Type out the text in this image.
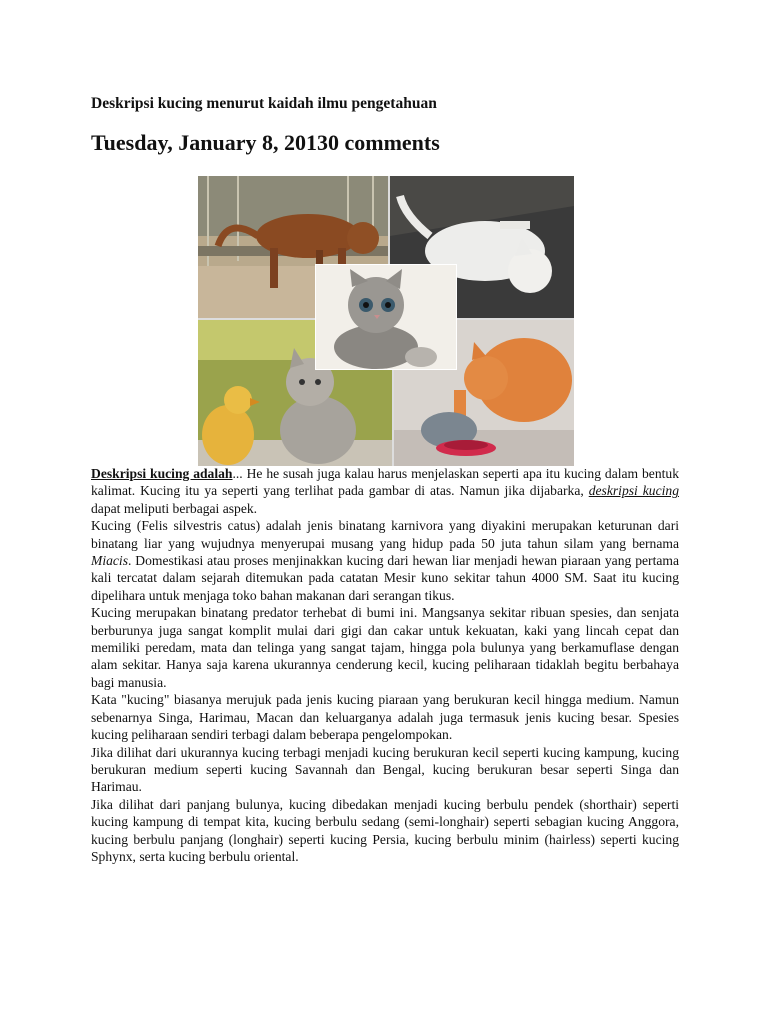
Deskripsi kucing menurut kaidah ilmu pengetahuan
Tuesday, January 8, 20130 comments

Deskripsi kucing adalah... He he susah juga kalau harus menjelaskan seperti apa itu kucing dalam bentuk kalimat. Kucing itu ya seperti yang terlihat pada gambar di atas. Namun jika dijabarka, deskripsi kucing dapat meliputi berbagai aspek.

Kucing (Felis silvestris catus) adalah jenis binatang karnivora yang diyakini merupakan keturunan dari binatang liar yang wujudnya menyerupai musang yang hidup pada 50 juta tahun silam yang bernama Miacis. Domestikasi atau proses menjinakkan kucing dari hewan liar menjadi hewan piaraan yang pertama kali tercatat dalam sejarah ditemukan pada catatan Mesir kuno sekitar tahun 4000 SM. Saat itu kucing dipelihara untuk menjaga toko bahan makanan dari serangan tikus.

Kucing merupakan binatang predator terhebat di bumi ini. Mangsanya sekitar ribuan spesies, dan senjata berburunya juga sangat komplit mulai dari gigi dan cakar untuk kekuatan, kaki yang lincah cepat dan memiliki peredam, mata dan telinga yang sangat tajam, hingga pola bulunya yang berkamuflase dengan alam sekitar. Hanya saja karena ukurannya cenderung kecil, kucing peliharaan tidaklah begitu berbahaya bagi manusia.

Kata "kucing" biasanya merujuk pada jenis kucing piaraan yang berukuran kecil hingga medium. Namun sebenarnya Singa, Harimau, Macan dan keluarganya adalah juga termasuk jenis kucing besar. Spesies kucing peliharaan sendiri terbagi dalam beberapa pengelompokan.

Jika dilihat dari ukurannya kucing terbagi menjadi kucing berukuran kecil seperti kucing kampung, kucing berukuran medium seperti kucing Savannah dan Bengal, kucing berukuran besar seperti Singa dan Harimau.

Jika dilihat dari panjang bulunya, kucing dibedakan menjadi kucing berbulu pendek (shorthair) seperti kucing kampung di tempat kita, kucing berbulu sedang (semi-longhair) seperti sebagian kucing Anggora, kucing berbulu panjang (longhair) seperti kucing Persia, kucing berbulu minim (hairless) seperti kucing Sphynx, serta kucing berbulu oriental.
